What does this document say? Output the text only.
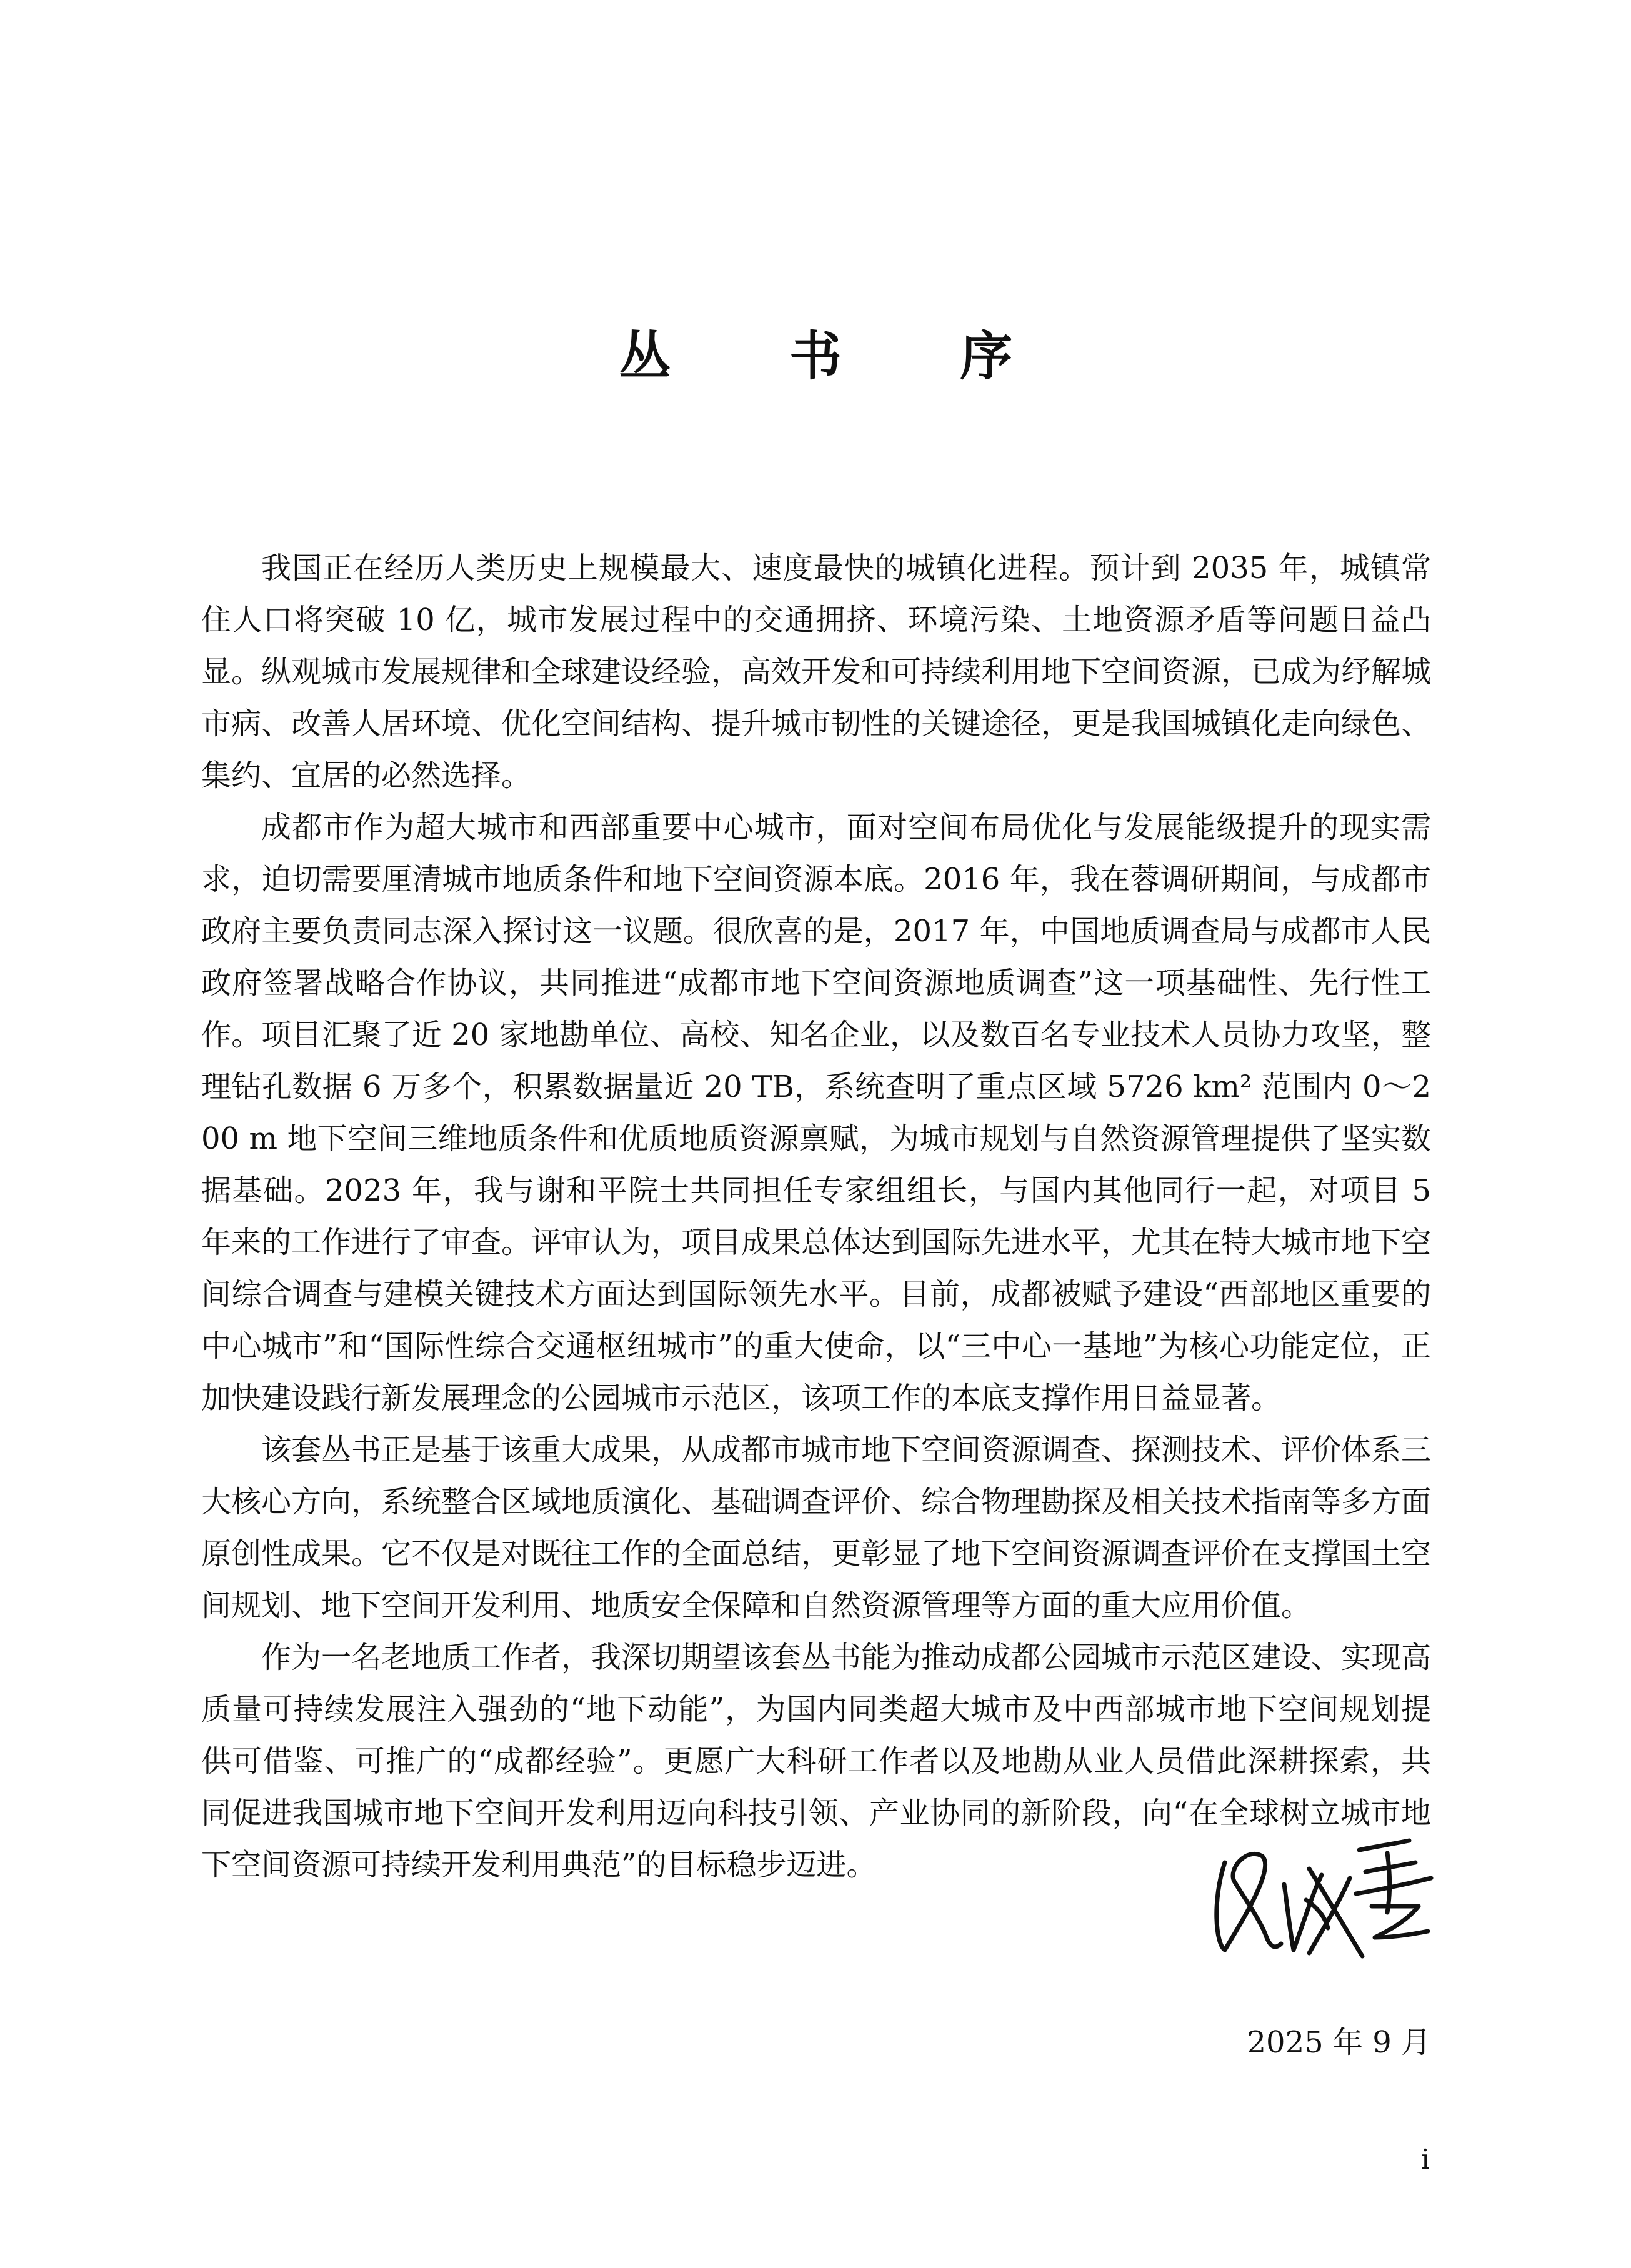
丛 书 序

我国正在经历人类历史上规模最大、速度最快的城镇化进程。预计到 2035 年，城镇常住人口将突破 10 亿，城市发展过程中的交通拥挤、环境污染、土地资源矛盾等问题日益凸显。纵观城市发展规律和全球建设经验，高效开发和可持续利用地下空间资源，已成为纾解城市病、改善人居环境、优化空间结构、提升城市韧性的关键途径，更是我国城镇化走向绿色、集约、宜居的必然选择。

成都市作为超大城市和西部重要中心城市，面对空间布局优化与发展能级提升的现实需求，迫切需要厘清城市地质条件和地下空间资源本底。2016 年，我在蓉调研期间，与成都市政府主要负责同志深入探讨这一议题。很欣喜的是，2017 年，中国地质调查局与成都市人民政府签署战略合作协议，共同推进“成都市地下空间资源地质调查”这一项基础性、先行性工作。项目汇聚了近 20 家地勘单位、高校、知名企业，以及数百名专业技术人员协力攻坚，整理钻孔数据 6 万多个，积累数据量近 20 TB，系统查明了重点区域 5726 km² 范围内 0～200 m 地下空间三维地质条件和优质地质资源禀赋，为城市规划与自然资源管理提供了坚实数据基础。2023 年，我与谢和平院士共同担任专家组组长，与国内其他同行一起，对项目 5 年来的工作进行了审查。评审认为，项目成果总体达到国际先进水平，尤其在特大城市地下空间综合调查与建模关键技术方面达到国际领先水平。目前，成都被赋予建设“西部地区重要的中心城市”和“国际性综合交通枢纽城市”的重大使命，以“三中心一基地”为核心功能定位，正加快建设践行新发展理念的公园城市示范区，该项工作的本底支撑作用日益显著。

该套丛书正是基于该重大成果，从成都市城市地下空间资源调查、探测技术、评价体系三大核心方向，系统整合区域地质演化、基础调查评价、综合物理勘探及相关技术指南等多方面原创性成果。它不仅是对既往工作的全面总结，更彰显了地下空间资源调查评价在支撑国土空间规划、地下空间开发利用、地质安全保障和自然资源管理等方面的重大应用价值。

作为一名老地质工作者，我深切期望该套丛书能为推动成都公园城市示范区建设、实现高质量可持续发展注入强劲的“地下动能”，为国内同类超大城市及中西部城市地下空间规划提供可借鉴、可推广的“成都经验”。更愿广大科研工作者以及地勘从业人员借此深耕探索，共同促进我国城市地下空间开发利用迈向科技引领、产业协同的新阶段，向“在全球树立城市地下空间资源可持续开发利用典范”的目标稳步迈进。

2025 年 9 月
i
